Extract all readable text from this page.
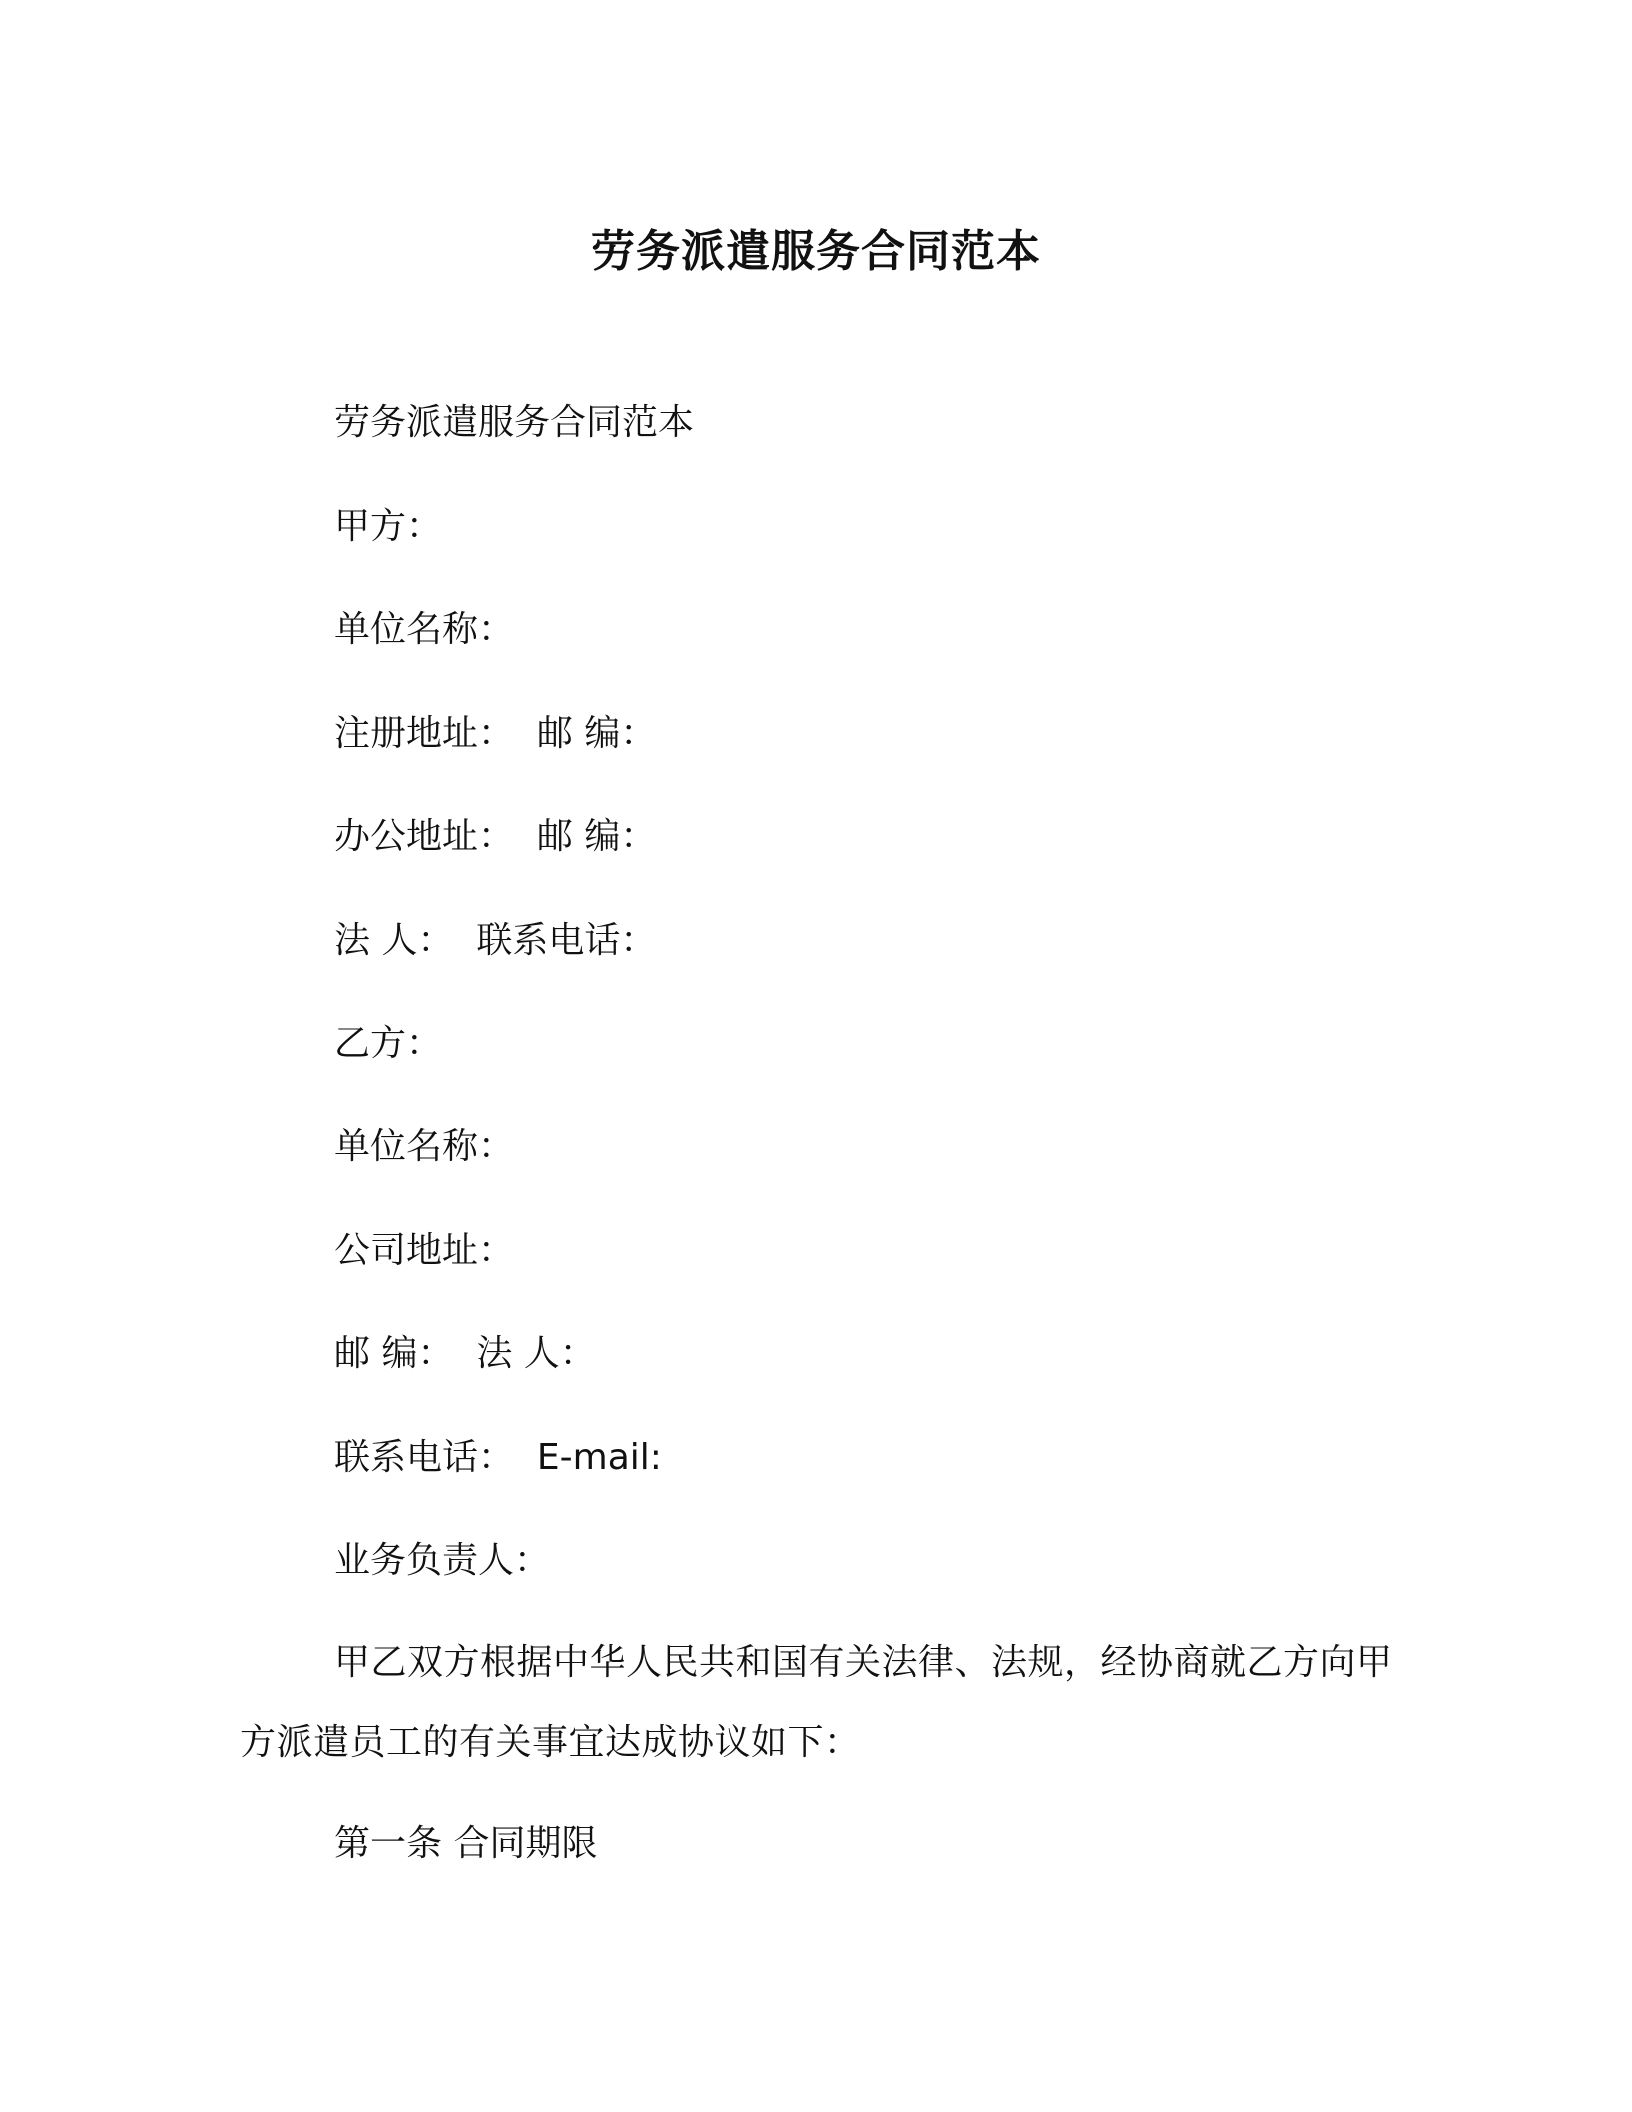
劳务派遣服务合同范本
劳务派遣服务合同范本
甲方：
单位名称：
注册地址：  邮 编：
办公地址：  邮 编：
法 人：  联系电话：
乙方：
单位名称：
公司地址：
邮 编：  法 人：
联系电话：  E-mail:
业务负责人：
甲乙双方根据中华人民共和国有关法律、法规，经协商就乙方向甲方派遣员工的有关事宜达成协议如下：
第一条 合同期限
